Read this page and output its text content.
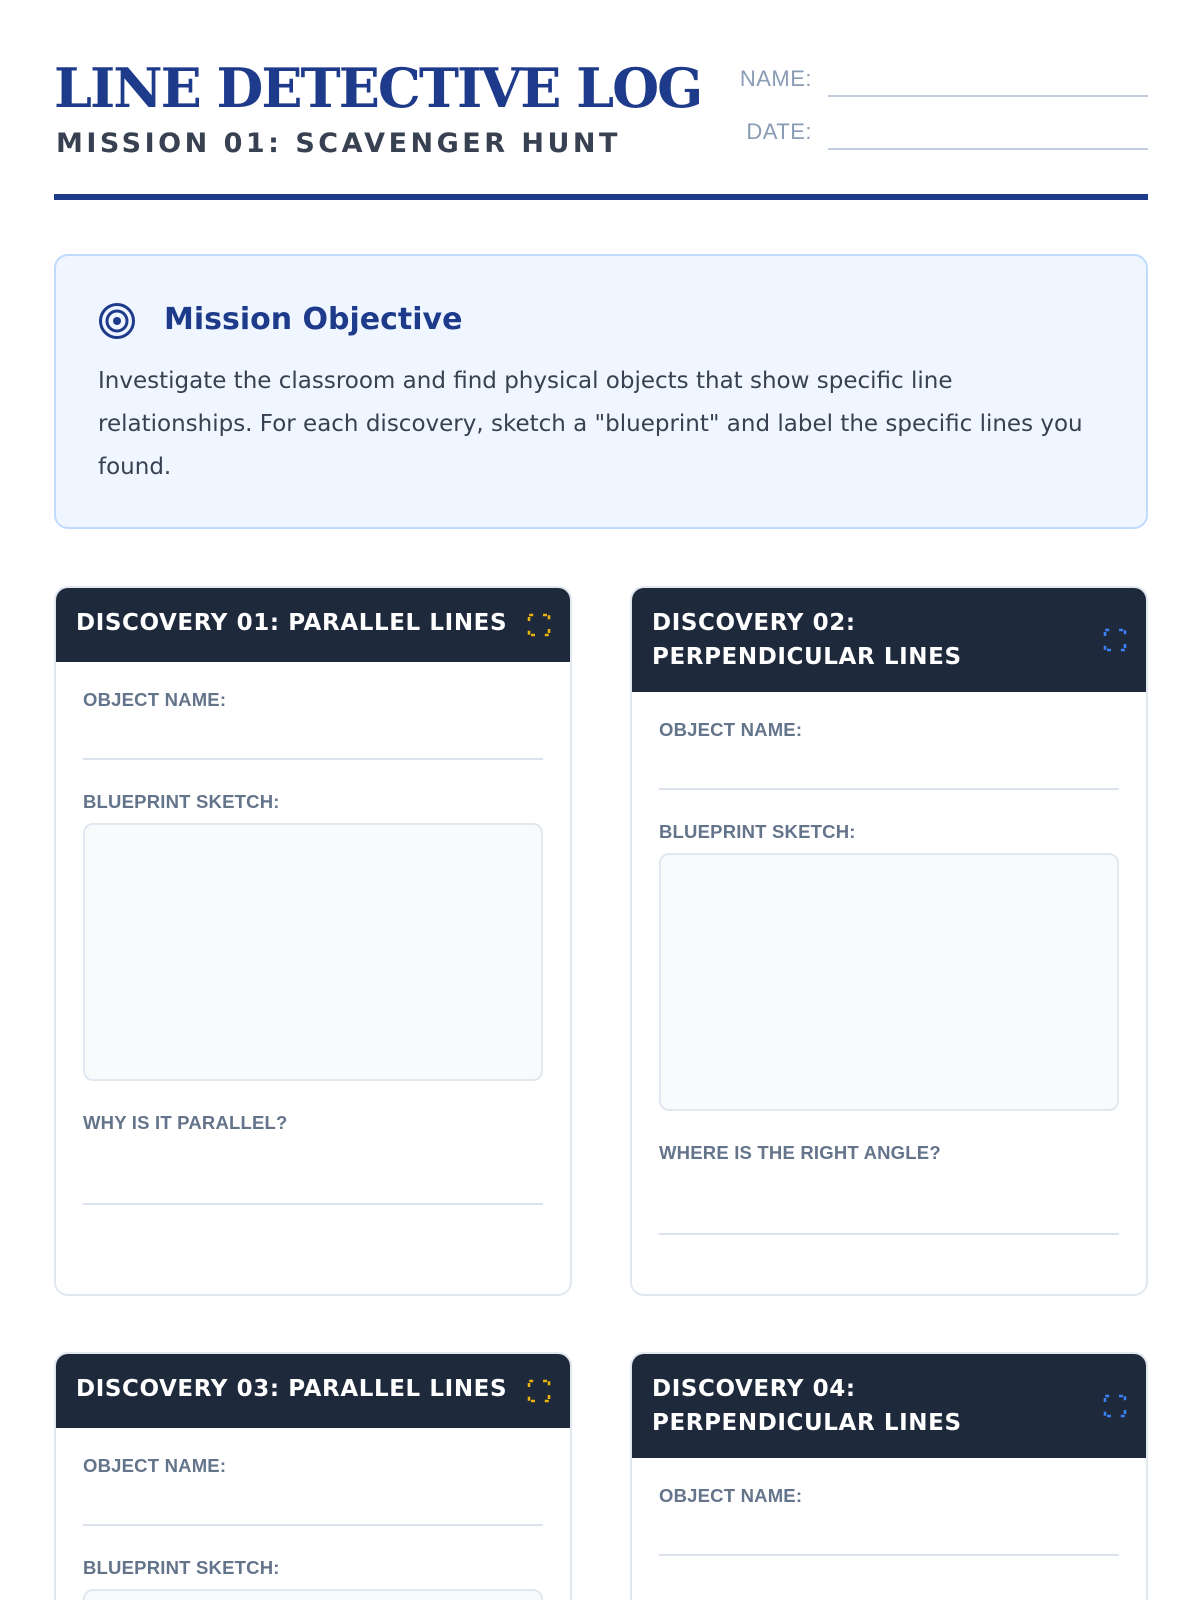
LINE DETECTIVE LOG
MISSION 01: SCAVENGER HUNT
NAME:
DATE:
Mission Objective
Investigate the classroom and find physical objects that show specific line relationships. For each discovery, sketch a "blueprint" and label the specific lines you found.
DISCOVERY 01: PARALLEL LINES
OBJECT NAME:
BLUEPRINT SKETCH:
WHY IS IT PARALLEL?
DISCOVERY 02: PERPENDICULAR LINES
OBJECT NAME:
BLUEPRINT SKETCH:
WHERE IS THE RIGHT ANGLE?
DISCOVERY 03: PARALLEL LINES
OBJECT NAME:
BLUEPRINT SKETCH:
DISCOVERY 04: PERPENDICULAR LINES
OBJECT NAME:
